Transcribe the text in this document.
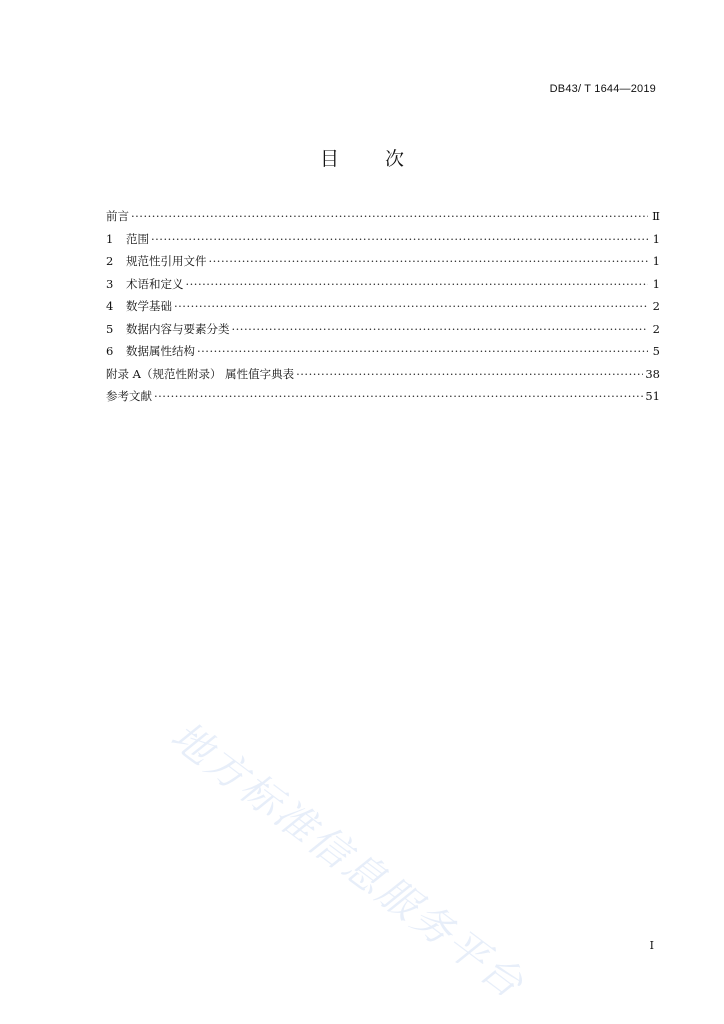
DB43/ T 1644—2019
目 次
前言 ·····	Ⅱ
1	范围 ·····	1
2	规范性引用文件 ·····	1
3	术语和定义 ·····	1
4	数学基础 ·····	2
5	数据内容与要素分类 ·····	2
6	数据属性结构 ·····	5
附录 A（规范性附录） 属性值字典表 ·····	38
参考文献 ·····	51
地方标准信息服务平台	I
